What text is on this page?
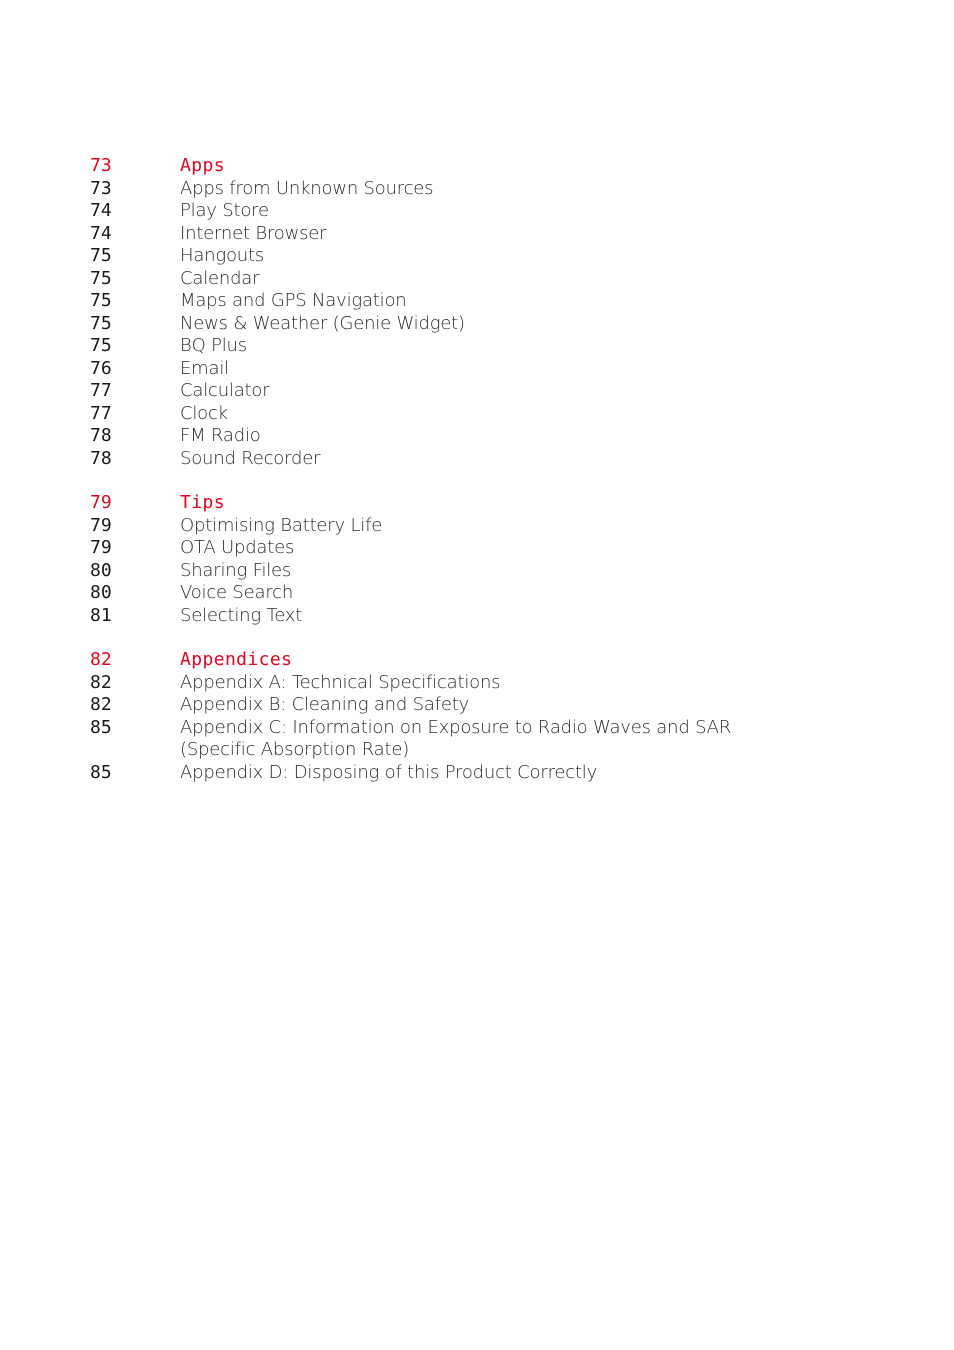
73	Apps
73	Apps from Unknown Sources
74	Play Store
74	Internet Browser
75	Hangouts
75	Calendar
75	Maps and GPS Navigation
75	News & Weather (Genie Widget)
75	BQ Plus
76	Email
77	Calculator
77	Clock
78	FM Radio
78	Sound Recorder
79	Tips
79	Optimising Battery Life
79	OTA Updates
80	Sharing Files
80	Voice Search
81	Selecting Text
82	Appendices
82	Appendix A: Technical Specifications
82	Appendix B: Cleaning and Safety
85	Appendix C: Information on Exposure to Radio Waves and SAR (Specific Absorption Rate)
85	Appendix D: Disposing of this Product Correctly
